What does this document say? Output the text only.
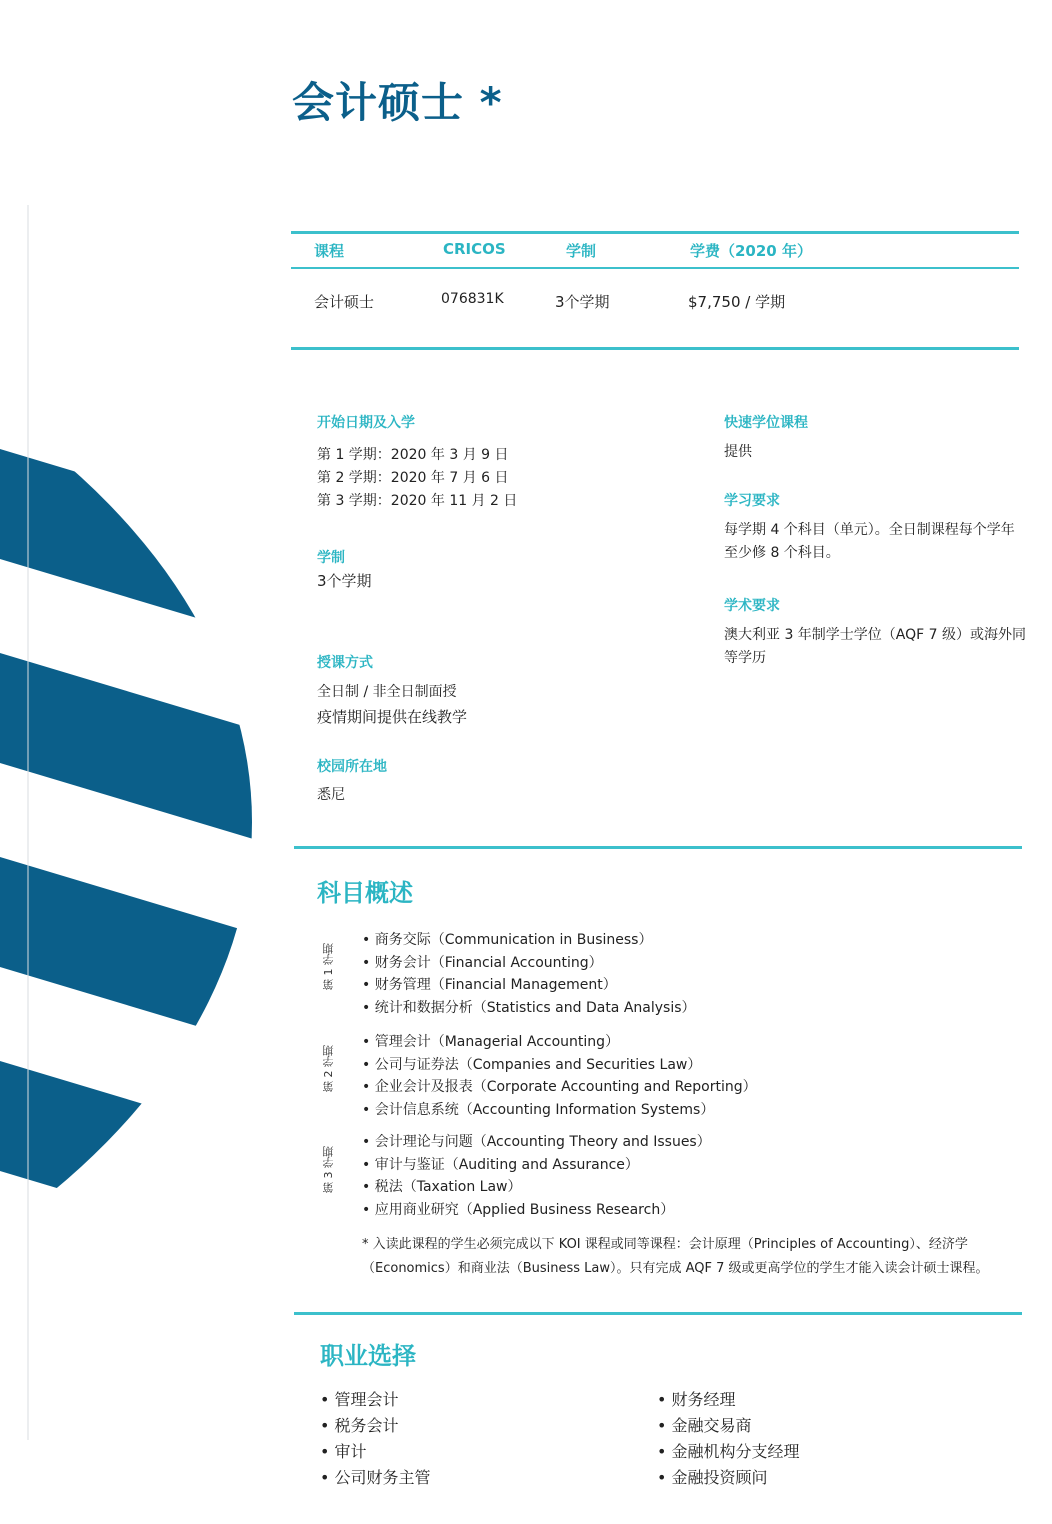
会计硕士 *
课程	CRICOS	学制	学费（2020 年）
会计硕士	076831K	3个学期	$7,750 / 学期
开始日期及入学
第 1 学期：2020 年 3 月 9 日
第 2 学期：2020 年 7 月 6 日
第 3 学期：2020 年 11 月 2 日
学制
3个学期
授课方式
全日制 / 非全日制面授
疫情期间提供在线教学
校园所在地
悉尼
快速学位课程
提供
学习要求
每学期 4 个科目（单元）。全日制课程每个学年
至少修 8 个科目。
学术要求
澳大利亚 3 年制学士学位（AQF 7 级）或海外同
等学历
科目概述
第 1 学期
• 商务交际（Communication in Business）
• 财务会计（Financial Accounting）
• 财务管理（Financial Management）
• 统计和数据分析（Statistics and Data Analysis）
第 2 学期
• 管理会计（Managerial Accounting）
• 公司与证券法（Companies and Securities Law）
• 企业会计及报表（Corporate Accounting and Reporting）
• 会计信息系统（Accounting Information Systems）
第 3 学期
• 会计理论与问题（Accounting Theory and Issues）
• 审计与鉴证（Auditing and Assurance）
• 税法（Taxation Law）
• 应用商业研究（Applied Business Research）
* 入读此课程的学生必须完成以下 KOI 课程或同等课程：会计原理（Principles of Accounting）、经济学（Economics）和商业法（Business Law）。只有完成 AQF 7 级或更高学位的学生才能入读会计硕士课程。
职业选择
• 管理会计
• 税务会计
• 审计
• 公司财务主管
• 财务经理
• 金融交易商
• 金融机构分支经理
• 金融投资顾问
